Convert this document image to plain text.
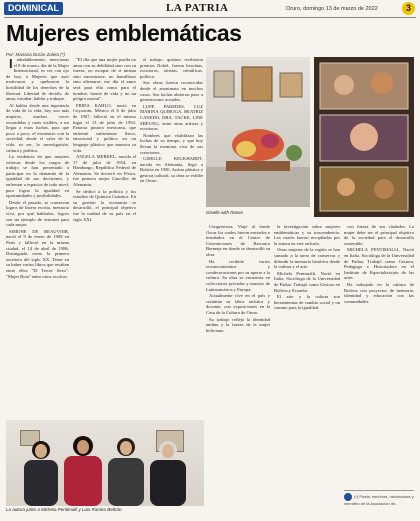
DOMINICAL	LA PATRIA	Oruro, domingo 13 de marzo de 2022	3
Mujeres emblemáticas
Por: Mariana Durán Zuleta (*)

Indudablemente, mencionar el 8 de marzo, día de la Mujer Internacional, es ver con ojo de hoy, a Mujeres que ayer motivaron y quebraron la hostilidad de los derechos de la libertad. Libertad de decidir, de amar, estudiar, hablar y trabajar.

Al hablar desde una ingeniería de vida de la vida, hoy son más mujeres, muchas veces escondidas y otras visibles, a mi llegar a estas luchas, para que poco a poco, el encuentro con la sociedad, desde el valer de la vida, su ser, la investigación, cultura y política.

La evidencia en que mujeres valiosas desde los cargos de trabajo se han presentado a participar en la demanda de la igualdad de sus decisiones, y enfrentar a espacios de todo nivel, para lograr la igualdad en oportunidades y posibilidades.

Desde el pasado, se conservan logros de lisiera escrita, memoria viva, por qué hablarlas, logros son un ejemplo de sensatez para cada mujer.

SIMONE DE BEAUVOIR, nació el 9 de enero de 1908 en París y falleció en la misma ciudad, el 14 de abril de 1986. Distinguida como la primera escritora del siglo XX. Tiene en su haber varios libros que resaltan entre ellos "El Tercer Sexo". "Mujer Rota" entre otros escritos.

"El día que una mujer pueda no amar con su debilidad sino con su fuerza, no escapar de sí misma sino encontrarse, no humillarse sino afirmarse, ese día el amor será para ella como para el hombre, fuente de vida y no un peligro mortal".

FRIDA KAHLO, nació en Coyoacán, México el 6 de julio de 1907, falleció en el mismo lugar el 13 de julio de 1954. Famosa pintora mexicana, que enfrentó sufrimiento físico, emocional y político en un lenguaje plástico que muestra su vida.

ANGELA MERKEL, nacida el 17 de julio de 1954, en Hamburgo, República Federal de Alemania. Se doctoró en Física, fue primera mujer Canciller de Alemania.

Se dedicó a la política y los estudios de Química Cuántica. En su gestión la economía se desarrolló, el principal objetivo fue la unidad de su país en el siglo XXI.

el trabajo, quienes recibieron premios Nobel, fueron heroínas, escritoras, artistas, científicas, política.

Sus obras fueron reconocidas desde el anonimato en muchos casos. Sus luchas abrieron paso a generaciones actuales.

LUPE PAREDES, LUZ MARINA QUIROGA, BEATRIZ CANEDO, DRA. TACKE, LINE SHEUNG, entre otras artistas y escritoras.

Nombres que visibilizan las luchas de su tiempo, y que hoy llevan la memoria viva de sus creaciones.

GISELLE KECKHARDT, nacida en Alemania, llegó a Bolivia en 1950. Artista plástica y gestora cultural, su obra se exhibe en Oruro.

Giselle with Roses

Congresistas. Viaje al fondo Oscar los cuales fueron enviados e instalados en el Centro de Convenciones de Barranca Bermeja en donde se desarrolló su obra.

Ha recibido varios reconocimientos y condecoraciones por su aporte a la cultura. Su obra se encuentra en colecciones privadas y museos de Latinoamérica y Europa.

Actualmente vive en el país y continúa su labor artística y docente, con exposiciones en la Casa de la Cultura de Oruro.

Su trabajo refleja la identidad andina y la fuerza de la mujer boliviana.

la investigación sobre mujeres emblemáticas y su trascendencia. Los cuales fueron recopilados por la autora en este artículo.

Otras mujeres de la región se han sumado a la tarea de conservar y difundir la memoria histórica desde la cultura y el arte.

Michela Pentimalli, Nació en Italia. Socióloga de la Universidad de Padua. Trabajó como Gestora en Bolivia y Ecuador.

El arte y la cultura son herramientas de cambio social y un camino para la igualdad.

con fuerza de sus ciudades. La mujer debe ser el principal objetivo de la sociedad para el desarrollo sostenible.

MICHELA PENTIMALLI, Nació en Italia. Socióloga de la Universidad de Padua, Trabajó como Gestora, Pedagoga e Historiadora en el Instituto de Especialización de las artes.

Ha trabajado en la cultura de Bolivia con proyectos de memoria, identidad y educación con las comunidades.

La autora junto a Michela Pentimalli y Luis Ramiro Beltrán
(*) Poeta, escritora, historiadora y miembro de la Asociación de...
